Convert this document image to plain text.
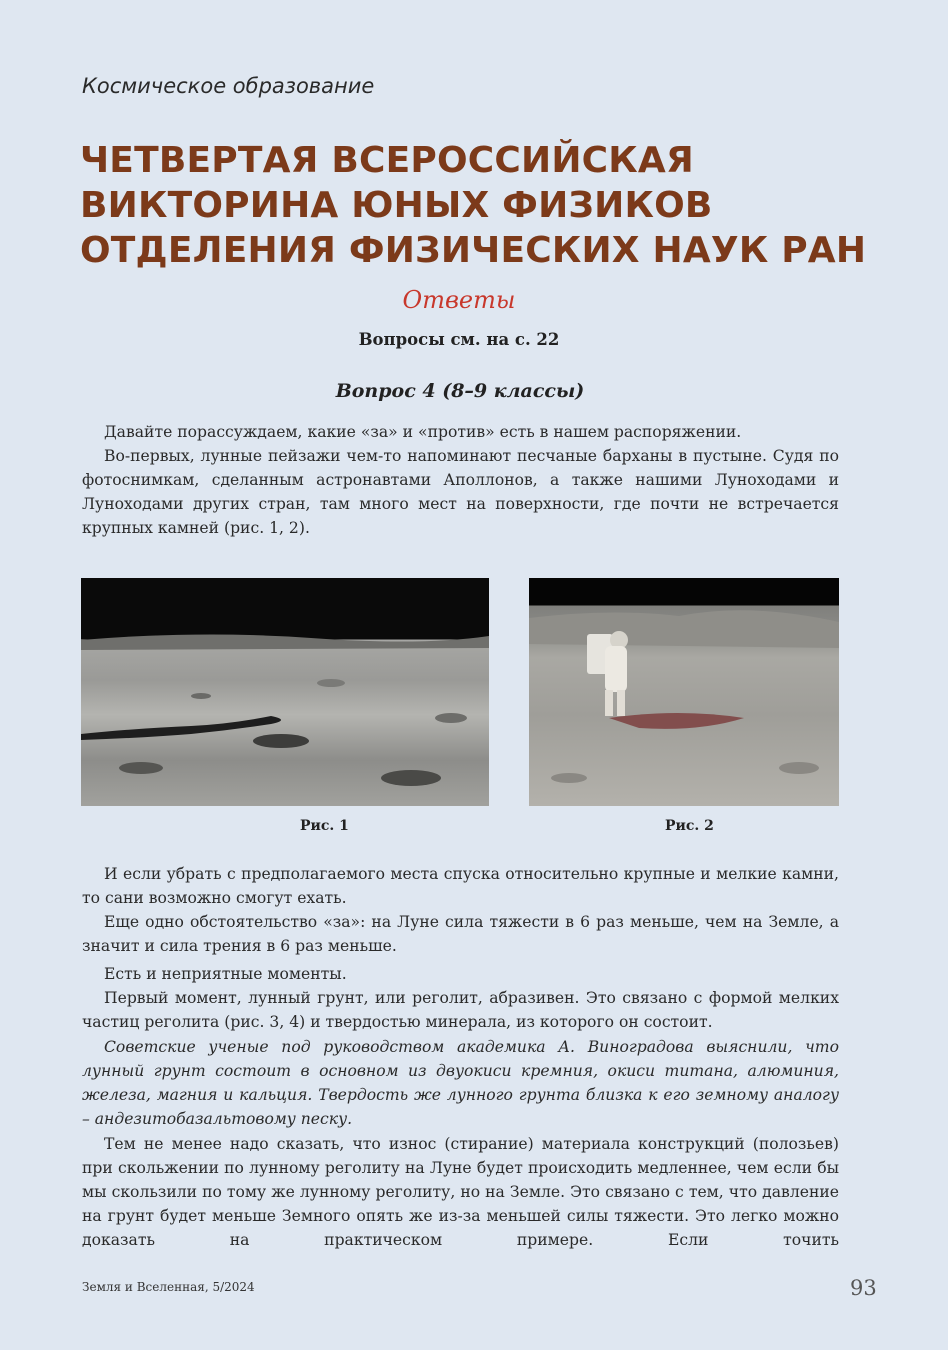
Космическое образование
ЧЕТВЕРТАЯ ВСЕРОССИЙСКАЯ
ВИКТОРИНА ЮНЫХ ФИЗИКОВ
ОТДЕЛЕНИЯ ФИЗИЧЕСКИХ НАУК РАН
Ответы
Вопросы см. на с. 22
Вопрос 4 (8–9 классы)
Давайте порассуждаем, какие «за» и «против» есть в нашем распоряжении.
Во-первых, лунные пейзажи чем-то напоминают песчаные барханы в пустыне. Судя по фотоснимкам, сделанным астронавтами Аполлонов, а также нашими Луноходами и Луноходами других стран, там много мест на поверхности, где почти не встречается крупных камней (рис. 1, 2).
Рис. 1	Рис. 2
И если убрать с предполагаемого места спуска относительно крупные и мелкие камни, то сани возможно смогут ехать.
Еще одно обстоятельство «за»: на Луне сила тяжести в 6 раз меньше, чем на Земле, а значит и сила трения в 6 раз меньше.
Есть и неприятные моменты.
Первый момент, лунный грунт, или реголит, абразивен. Это связано с формой мелких частиц реголита (рис. 3, 4) и твердостью минерала, из которого он состоит.
Советские ученые под руководством академика А. Виноградова выяснили, что лунный грунт состоит в основном из двуокиси кремния, окиси титана, алюминия, железа, магния и кальция. Твердость же лунного грунта близка к его земному аналогу – андезитобазальтовому песку.
Тем не менее надо сказать, что износ (стирание) материала конструкций (полозьев) при скольжении по лунному реголиту на Луне будет происходить медленнее, чем если бы мы скользили по тому же лунному реголиту, но на Земле. Это связано с тем, что давление на грунт будет меньше Земного опять же из-за меньшей силы тяжести. Это легко можно доказать на практическом примере. Если точить
Земля и Вселенная, 5/2024	93
